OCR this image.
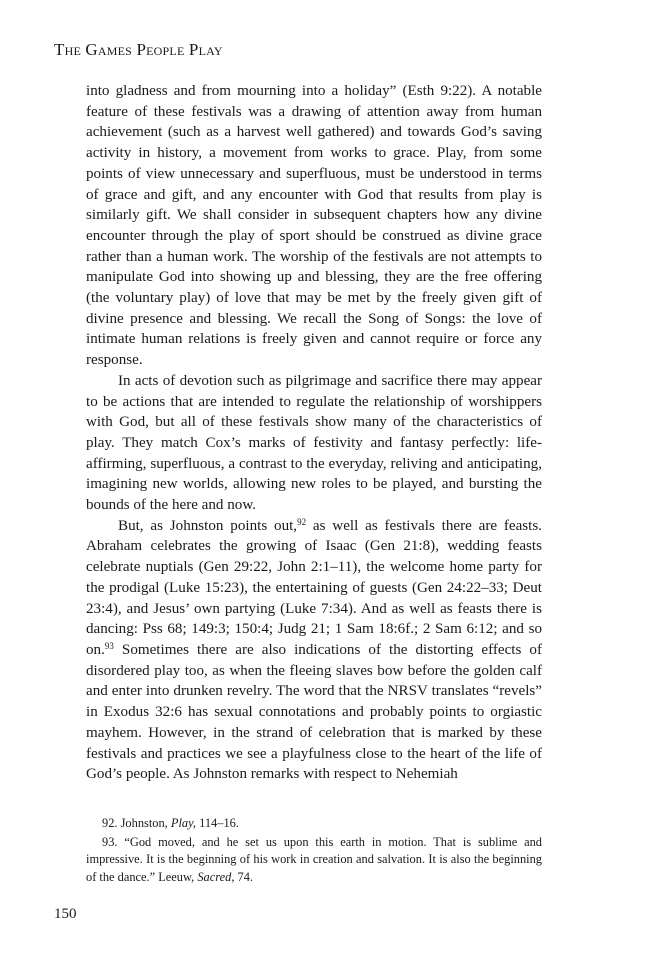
The Games People Play

into gladness and from mourning into a holiday” (Esth 9:22). A notable feature of these festivals was a drawing of attention away from human achievement (such as a harvest well gathered) and towards God’s saving activity in history, a movement from works to grace. Play, from some points of view unnecessary and superfluous, must be understood in terms of grace and gift, and any encounter with God that results from play is similarly gift. We shall consider in subsequent chapters how any divine encounter through the play of sport should be construed as divine grace rather than a human work. The worship of the festivals are not attempts to manipulate God into showing up and blessing, they are the free offering (the voluntary play) of love that may be met by the freely given gift of divine presence and blessing. We recall the Song of Songs: the love of intimate human relations is freely given and cannot require or force any response.

In acts of devotion such as pilgrimage and sacrifice there may appear to be actions that are intended to regulate the relationship of worshippers with God, but all of these festivals show many of the characteristics of play. They match Cox’s marks of festivity and fantasy perfectly: life-affirming, superfluous, a contrast to the everyday, reliving and anticipating, imagining new worlds, allowing new roles to be played, and bursting the bounds of the here and now.

But, as Johnston points out,$^{92}$ as well as festivals there are feasts. Abraham celebrates the growing of Isaac (Gen 21:8), wedding feasts celebrate nuptials (Gen 29:22, John 2:1–11), the welcome home party for the prodigal (Luke 15:23), the entertaining of guests (Gen 24:22–33; Deut 23:4), and Jesus’ own partying (Luke 7:34). And as well as feasts there is dancing: Pss 68; 149:3; 150:4; Judg 21; 1 Sam 18:6f.; 2 Sam 6:12; and so on.$^{93}$ Sometimes there are also indications of the distorting effects of disordered play too, as when the fleeing slaves bow before the golden calf and enter into drunken revelry. The word that the NRSV translates “revels” in Exodus 32:6 has sexual connotations and probably points to orgiastic mayhem. However, in the strand of celebration that is marked by these festivals and practices we see a playfulness close to the heart of the life of God’s people. As Johnston remarks with respect to Nehemiah

92. Johnston, Play, 114–16.

93. “God moved, and he set us upon this earth in motion. That is sublime and impressive. It is the beginning of his work in creation and salvation. It is also the beginning of the dance.” Leeuw, Sacred, 74.

150
